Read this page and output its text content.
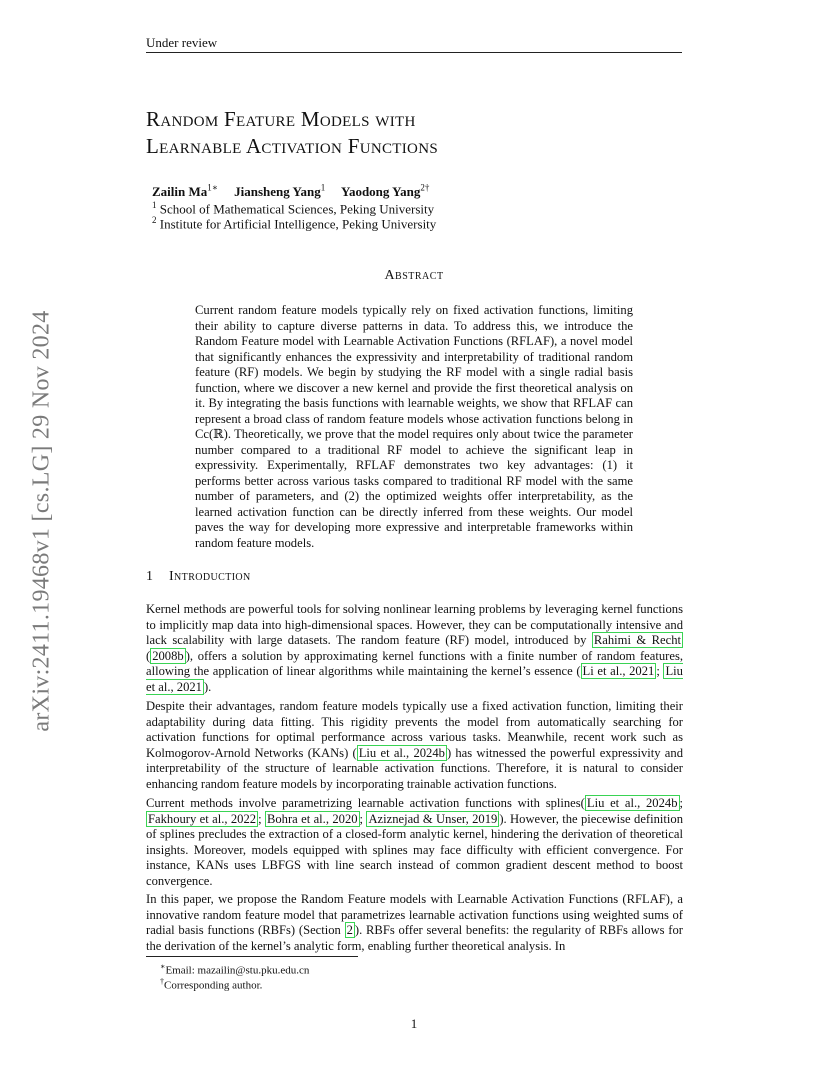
Under review
Random Feature Models with
Learnable Activation Functions
Zailin $Ma^{1∗}$ Jiansheng Yang$^1$ Yaodong Yang$^{2\dagger}$
$^1$ School of Mathematical Sciences, Peking University
$^2$ Institute for Artificial Intelligence, Peking University
Abstract
Current random feature models typically rely on fixed activation functions, limiting their ability to capture diverse patterns in data. To address this, we introduce the Random Feature model with Learnable Activation Functions (RFLAF), a novel model that significantly enhances the expressivity and interpretability of traditional random feature (RF) models. We begin by studying the RF model with a single radial basis function, where we discover a new kernel and provide the first theoretical analysis on it. By integrating the basis functions with learnable weights, we show that RFLAF can represent a broad class of random feature models whose activation functions belong in Cc(ℝ). Theoretically, we prove that the model requires only about twice the parameter number compared to a traditional RF model to achieve the significant leap in expressivity. Experimentally, RFLAF demonstrates two key advantages: (1) it performs better across various tasks compared to traditional RF model with the same number of parameters, and (2) the optimized weights offer interpretability, as the learned activation function can be directly inferred from these weights. Our model paves the way for developing more expressive and interpretable frameworks within random feature models.
1 Introduction
Kernel methods are powerful tools for solving nonlinear learning problems by leveraging kernel functions to implicitly map data into high-dimensional spaces. However, they can be computationally intensive and lack scalability with large datasets. The random feature (RF) model, introduced by Rahimi & Recht ( 2008b ), offers a solution by approximating kernel functions with a finite number of random features, allowing the application of linear algorithms while maintaining the kernel’s essence ( Li et al., 2021 ; Liu et al., 2021 ).
Despite their advantages, random feature models typically use a fixed activation function, limiting their adaptability during data fitting. This rigidity prevents the model from automatically searching for activation functions for optimal performance across various tasks. Meanwhile, recent work such as Kolmogorov-Arnold Networks (KANs) ( Liu et al., 2024b ) has witnessed the powerful expressivity and interpretability of the structure of learnable activation functions. Therefore, it is natural to consider enhancing random feature models by incorporating trainable activation functions.
Current methods involve parametrizing learnable activation functions with splines( Liu et al., 2024b ; Fakhoury et al., 2022 ; Bohra et al., 2020 ; Aziznejad & Unser, 2019 ). However, the piecewise definition of splines precludes the extraction of a closed-form analytic kernel, hindering the derivation of theoretical insights. Moreover, models equipped with splines may face difficulty with efficient convergence. For instance, KANs uses LBFGS with line search instead of common gradient descent method to boost convergence.
In this paper, we propose the Random Feature models with Learnable Activation Functions (RFLAF), a innovative random feature model that parametrizes learnable activation functions using weighted sums of radial basis functions (RBFs) (Section 2 ). RBFs offer several benefits: the regularity of RBFs allows for the derivation of the kernel’s analytic form, enabling further theoretical analysis. In
∗Email: mazailin@stu.pku.edu.cn
†Corresponding author.
1
arXiv:2411.19468v1 [cs.LG] 29 Nov 2024
